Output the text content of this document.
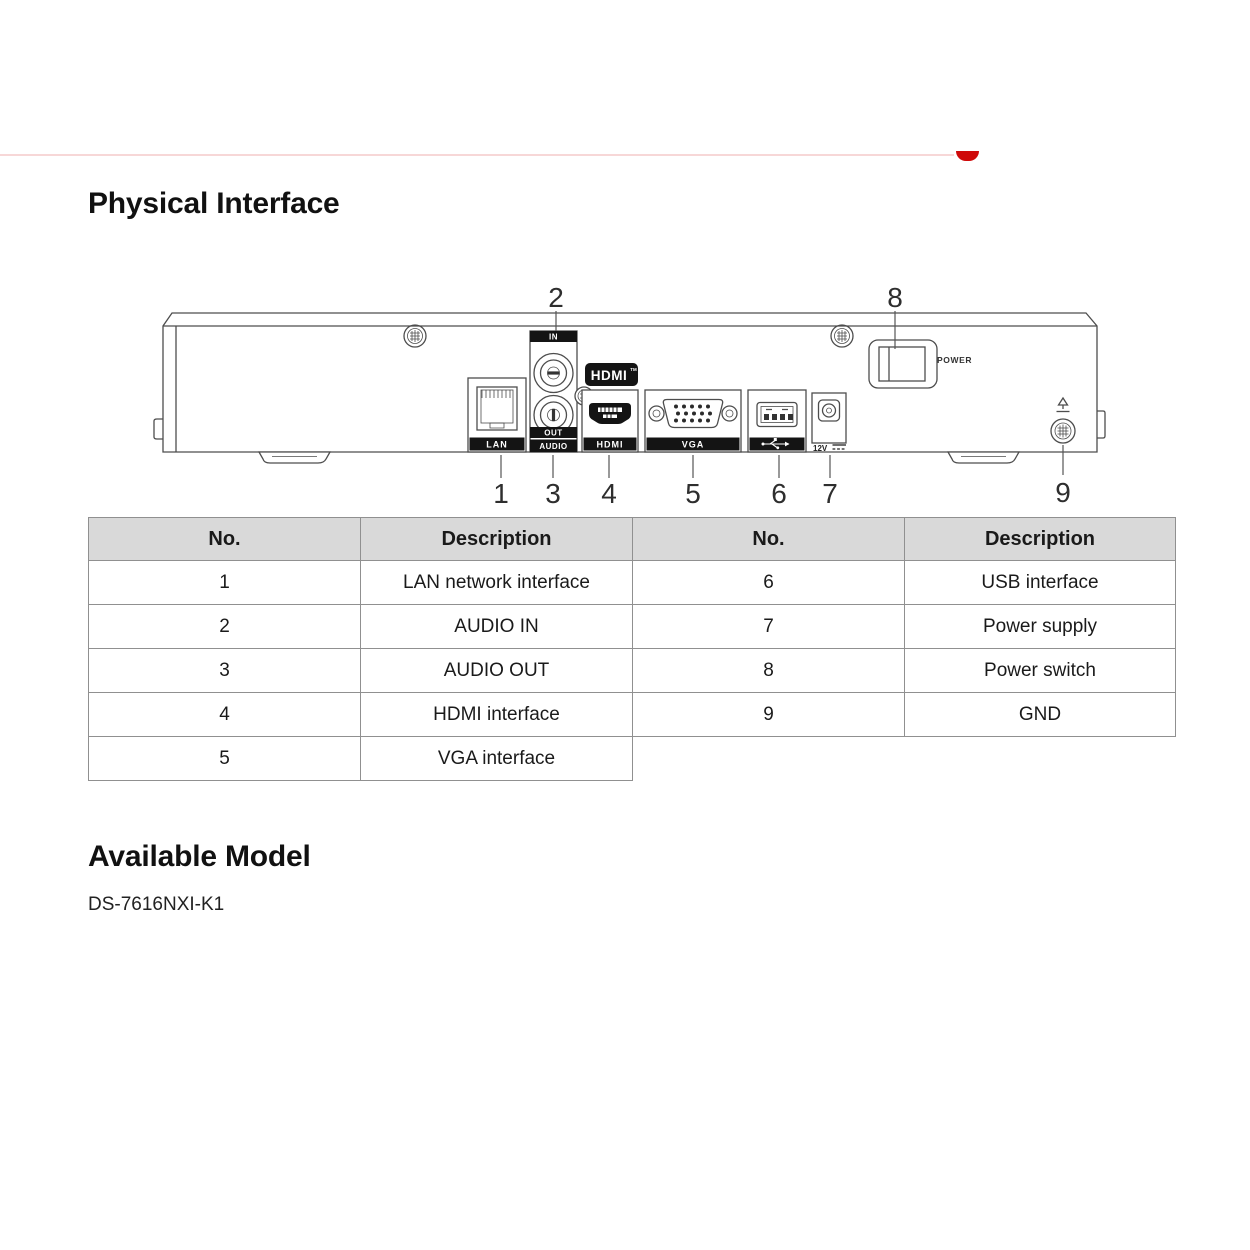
Physical Interface
LAN
IN
OUT
AUDIO
HDMI TM
HDMI	VGA	12V
POWER
1
2
3 4 5	6 7
8
9
No.	Description	No.	Description
1	LAN network interface	6	USB interface
2	AUDIO IN	7	Power supply
3	AUDIO OUT	8	Power switch
4	HDMI interface	9	GND
5	VGA interface		
Available Model

DS-7616NXI-K1
